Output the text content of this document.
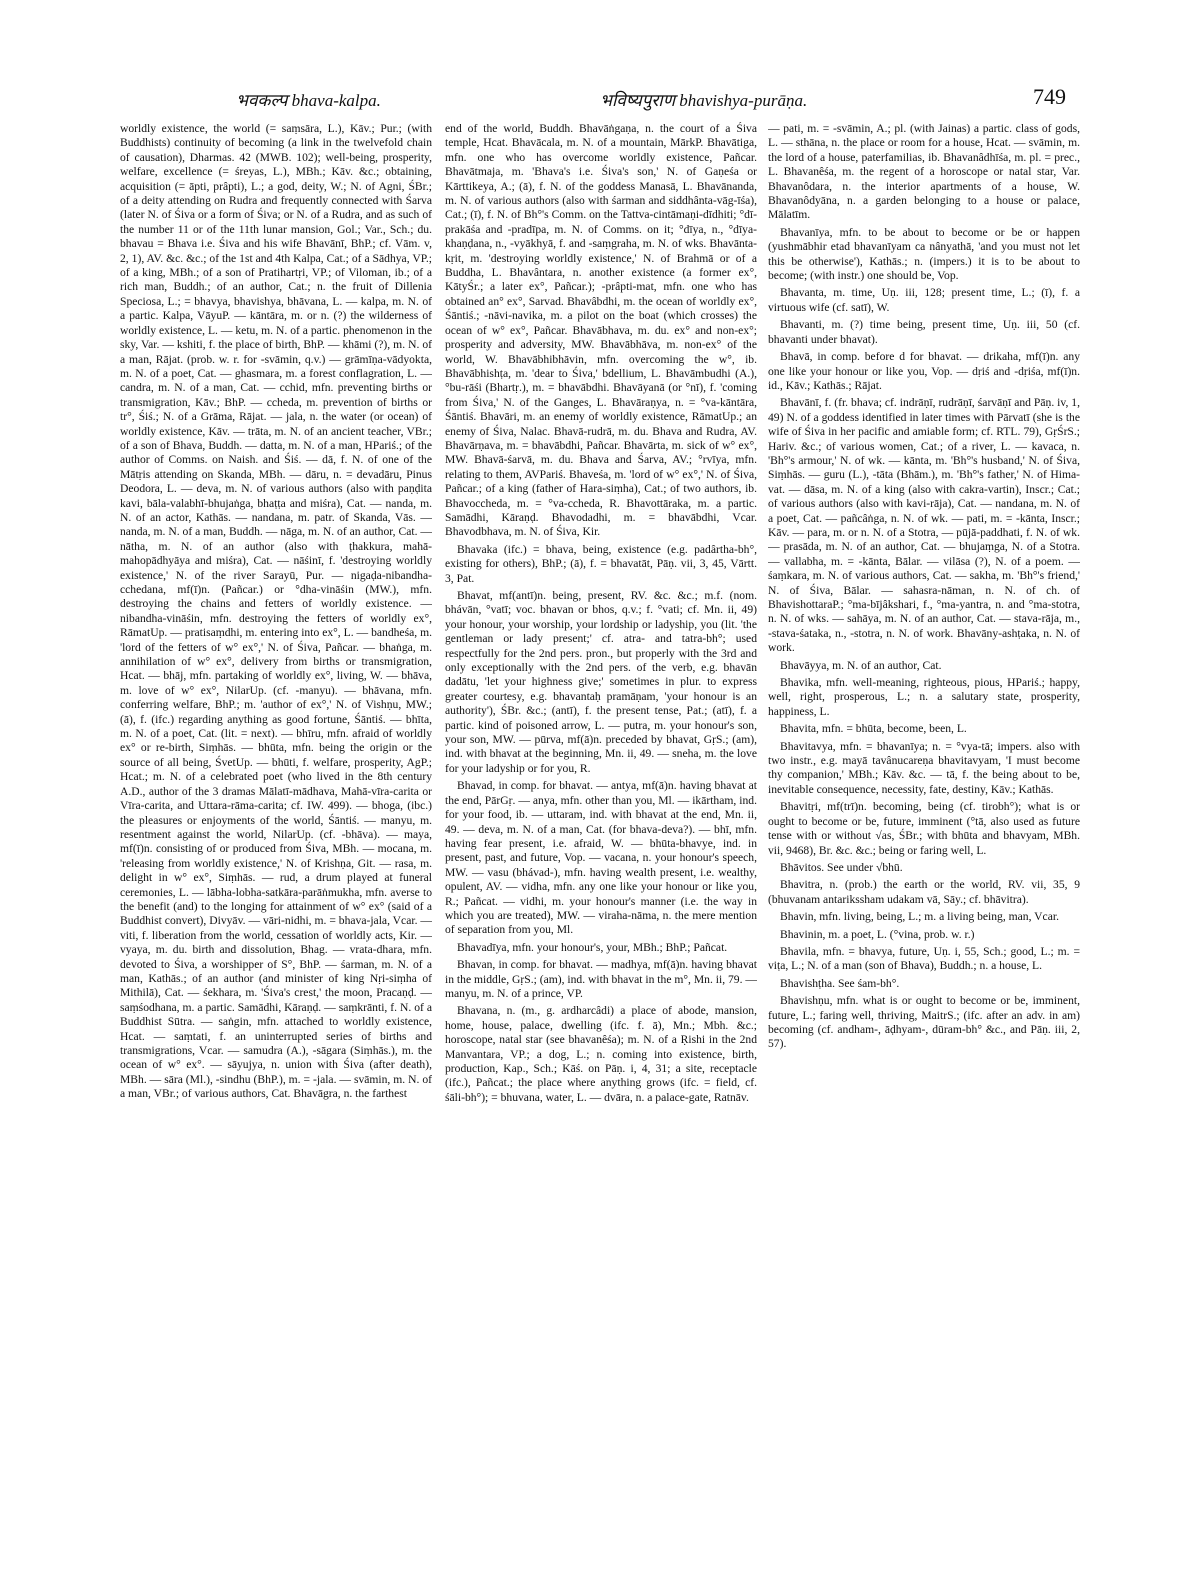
भवकल्प bhava-kalpa.	भविष्यपुराण bhavishya-purāṇa.	749

worldly existence, the world (= saṃsāra, L.), Kāv.; Pur.; (with Buddhists) continuity of becoming (a link in the twelvefold chain of causation), Dharmas. 42 (MWB. 102); well-being, prosperity, welfare, excellence (= śreyas, L.), MBh.; Kāv. &c.; obtaining, acquisition (= āpti, prâpti), L.; a god, deity, W.; N. of Agni, ŚBr.; of a deity attending on Rudra and frequently connected with Śarva (later N. of Śiva or a form of Śiva; or N. of a Rudra, and as such of the number 11 or of the 11th lunar mansion, Gol.; Var., Sch.; du. bhavau = Bhava i.e. Śiva and his wife Bhavānī, BhP.; cf. Vām. v, 2, 1), AV. &c. &c.; of the 1st and 4th Kalpa, Cat.; of a Sādhya, VP.; of a king, MBh.; of a son of Pratihartṛi, VP.; of Viloman, ib.; of a rich man, Buddh.; of an author, Cat.; n. the fruit of Dillenia Speciosa, L.; = bhavya, bhavishya, bhāvana, L. — kalpa, m. N. of a partic. Kalpa, VāyuP. — kāntāra, m. or n. (?) the wilderness of worldly existence, L. — ketu, m. N. of a partic. phenomenon in the sky, Var. — kshiti, f. the place of birth, BhP. — khāmi (?), m. N. of a man, Rājat. (prob. w. r. for -svāmin, q.v.) — grāmīṇa-vādyokta, m. N. of a poet, Cat. — ghasmara, m. a forest conflagration, L. — candra, m. N. of a man, Cat. — cchid, mfn. preventing births or transmigration, Kāv.; BhP. — ccheda, m. prevention of births or tr°, Śiś.; N. of a Grāma, Rājat. — jala, n. the water (or ocean) of worldly existence, Kāv. — trāta, m. N. of an ancient teacher, VBr.; of a son of Bhava, Buddh. — datta, m. N. of a man, HPariś.; of the author of Comms. on Naish. and Śiś. — dā, f. N. of one of the Mātṛis attending on Skanda, MBh. — dāru, n. = devadāru, Pinus Deodora, L. — deva, m. N. of various authors (also with paṇḍita kavi, bāla-valabhī-bhujaṅga, bhaṭṭa and miśra), Cat. — nanda, m. N. of an actor, Kathās. — nandana, m. patr. of Skanda, Vās. — nanda, m. N. of a man, Buddh. — nāga, m. N. of an author, Cat. — nātha, m. N. of an author (also with ṭhakkura, mahā-mahopādhyāya and miśra), Cat. — nāśinī, f. 'destroying worldly existence,' N. of the river Sarayū, Pur. — nigaḍa-nibandha-cchedana, mf(ī)n. (Pañcar.) or °dha-vināśin (MW.), mfn. destroying the chains and fetters of worldly existence. — nibandha-vināśin, mfn. destroying the fetters of worldly ex°, RāmatUp. — pratisaṃdhi, m. entering into ex°, L. — bandheśa, m. 'lord of the fetters of w° ex°,' N. of Śiva, Pañcar. — bhaṅga, m. annihilation of w° ex°, delivery from births or transmigration, Hcat. — bhāj, mfn. partaking of worldly ex°, living, W. — bhāva, m. love of w° ex°, NilarUp. (cf. -manyu). — bhāvana, mfn. conferring welfare, BhP.; m. 'author of ex°,' N. of Vishṇu, MW.; (ā), f. (ifc.) regarding anything as good fortune, Śāntiś. — bhīta, m. N. of a poet, Cat. (lit. = next). — bhīru, mfn. afraid of worldly ex° or re-birth, Siṃhās. — bhūta, mfn. being the origin or the source of all being, ŚvetUp. — bhūti, f. welfare, prosperity, AgP.; Hcat.; m. N. of a celebrated poet (who lived in the 8th century A.D., author of the 3 dramas Mālatī-mādhava, Mahā-vīra-carita or Vīra-carita, and Uttara-rāma-carita; cf. IW. 499). — bhoga, (ibc.) the pleasures or enjoyments of the world, Śāntiś. — manyu, m. resentment against the world, NilarUp. (cf. -bhāva). — maya, mf(ī)n. consisting of or produced from Śiva, MBh. — mocana, m. 'releasing from worldly existence,' N. of Krishṇa, Git. — rasa, m. delight in w° ex°, Siṃhās. — rud, a drum played at funeral ceremonies, L. — lābha-lobha-satkāra-parāṅmukha, mfn. averse to the benefit (and) to the longing for attainment of w° ex° (said of a Buddhist convert), Divyāv. — vāri-nidhi, m. = bhava-jala, Vcar. — viti, f. liberation from the world, cessation of worldly acts, Kir. — vyaya, m. du. birth and dissolution, Bhag. — vrata-dhara, mfn. devoted to Śiva, a worshipper of S°, BhP. — śarman, m. N. of a man, Kathās.; of an author (and minister of king Nṛi-siṃha of Mithilā), Cat. — śekhara, m. 'Śiva's crest,' the moon, Pracaṇḍ. — saṃśodhana, m. a partic. Samādhi, Kāraṇḍ. — saṃkrānti, f. N. of a Buddhist Sūtra. — saṅgin, mfn. attached to worldly existence, Hcat. — saṃtati, f. an uninterrupted series of births and transmigrations, Vcar. — samudra (A.), -sāgara (Siṃhās.), m. the ocean of w° ex°. — sāyujya, n. union with Śiva (after death), MBh. — sāra (Ml.), -sindhu (BhP.), m. = -jala. — svāmin, m. N. of a man, VBr.; of various authors, Cat. Bhavāgra, n. the farthest

end of the world, Buddh. Bhavāṅgaṇa, n. the court of a Śiva temple, Hcat. Bhavācala, m. N. of a mountain, MārkP. Bhavātiga, mfn. one who has overcome worldly existence, Pañcar. Bhavātmaja, m. 'Bhava's i.e. Śiva's son,' N. of Gaṇeśa or Kārttikeya, A.; (ā), f. N. of the goddess Manasā, L. Bhavānanda, m. N. of various authors (also with śarman and siddhânta-vāg-īśa), Cat.; (ī), f. N. of Bh°'s Comm. on the Tattva-cintāmaṇi-dīdhiti; °dī-prakāśa and -pradīpa, m. N. of Comms. on it; °dīya, n., °dīya-khaṇḍana, n., -vyākhyā, f. and -saṃgraha, m. N. of wks. Bhavānta-kṛit, m. 'destroying worldly existence,' N. of Brahmā or of a Buddha, L. Bhavântara, n. another existence (a former ex°, KātyŚr.; a later ex°, Pañcar.); -prâpti-mat, mfn. one who has obtained an° ex°, Sarvad. Bhavâbdhi, m. the ocean of worldly ex°, Śāntiś.; -nāvi-navika, m. a pilot on the boat (which crosses) the ocean of w° ex°, Pañcar. Bhavābhava, m. du. ex° and non-ex°; prosperity and adversity, MW. Bhavābhāva, m. non-ex° of the world, W. Bhavābhibhāvin, mfn. overcoming the w°, ib. Bhavābhishṭa, m. 'dear to Śiva,' bdellium, L. Bhavāmbudhi (A.), °bu-rāśi (Bhartṛ.), m. = bhavābdhi. Bhavāyanā (or °nī), f. 'coming from Śiva,' N. of the Ganges, L. Bhavāraṇya, n. = °va-kāntāra, Śāntiś. Bhavāri, m. an enemy of worldly existence, RāmatUp.; an enemy of Śiva, Nalac. Bhavā-rudrā, m. du. Bhava and Rudra, AV. Bhavārṇava, m. = bhavābdhi, Pañcar. Bhavārta, m. sick of w° ex°, MW. Bhavā-śarvā, m. du. Bhava and Śarva, AV.; °rvīya, mfn. relating to them, AVPariś. Bhaveśa, m. 'lord of w° ex°,' N. of Śiva, Pañcar.; of a king (father of Hara-siṃha), Cat.; of two authors, ib. Bhavoccheda, m. = °va-ccheda, R. Bhavottāraka, m. a partic. Samādhi, Kāraṇḍ. Bhavodadhi, m. = bhavābdhi, Vcar. Bhavodbhava, m. N. of Śiva, Kir.

Bhavaka (ifc.) = bhava, being, existence (e.g. padârtha-bh°, existing for others), BhP.; (ā), f. = bhavatāt, Pāṇ. vii, 3, 45, Vārtt. 3, Pat.

Bhavat, mf(antī)n. being, present, RV. &c. &c.; m.f. (nom. bhávān, °vatī; voc. bhavan or bhos, q.v.; f. °vati; cf. Mn. ii, 49) your honour, your worship, your lordship or ladyship, you (lit. 'the gentleman or lady present;' cf. atra- and tatra-bh°; used respectfully for the 2nd pers. pron., but properly with the 3rd and only exceptionally with the 2nd pers. of the verb, e.g. bhavān dadātu, 'let your highness give;' sometimes in plur. to express greater courtesy, e.g. bhavantaḥ pramāṇam, 'your honour is an authority'), ŚBr. &c.; (antī), f. the present tense, Pat.; (atī), f. a partic. kind of poisoned arrow, L. — putra, m. your honour's son, your son, MW. — pūrva, mf(ā)n. preceded by bhavat, GṛS.; (am), ind. with bhavat at the beginning, Mn. ii, 49. — sneha, m. the love for your ladyship or for you, R.

Bhavad, in comp. for bhavat. — antya, mf(ā)n. having bhavat at the end, PārGṛ. — anya, mfn. other than you, Ml. — ikārtham, ind. for your food, ib. — uttaram, ind. with bhavat at the end, Mn. ii, 49. — deva, m. N. of a man, Cat. (for bhava-deva?). — bhī, mfn. having fear present, i.e. afraid, W. — bhūta-bhavye, ind. in present, past, and future, Vop. — vacana, n. your honour's speech, MW. — vasu (bhávad-), mfn. having wealth present, i.e. wealthy, opulent, AV. — vidha, mfn. any one like your honour or like you, R.; Pañcat. — vidhi, m. your honour's manner (i.e. the way in which you are treated), MW. — viraha-nāma, n. the mere mention of separation from you, Ml.

Bhavadīya, mfn. your honour's, your, MBh.; BhP.; Pañcat.

Bhavan, in comp. for bhavat. — madhya, mf(ā)n. having bhavat in the middle, GṛS.; (am), ind. with bhavat in the m°, Mn. ii, 79. — manyu, m. N. of a prince, VP.

Bhavana, n. (m., g. ardharcâdi) a place of abode, mansion, home, house, palace, dwelling (ifc. f. ā), Mn.; Mbh. &c.; horoscope, natal star (see bhavanêśa); m. N. of a Ṛishi in the 2nd Manvantara, VP.; a dog, L.; n. coming into existence, birth, production, Kap., Sch.; Kāś. on Pāṇ. i, 4, 31; a site, receptacle (ifc.), Pañcat.; the place where anything grows (ifc. = field, cf. śāli-bh°); = bhuvana, water, L. — dvāra, n. a palace-gate, Ratnāv.

— pati, m. = -svāmin, A.; pl. (with Jainas) a partic. class of gods, L. — sthāna, n. the place or room for a house, Hcat. — svāmin, m. the lord of a house, paterfamilias, ib. Bhavanâdhīśa, m. pl. = prec., L. Bhavanêśa, m. the regent of a horoscope or natal star, Var. Bhavanôdara, n. the interior apartments of a house, W. Bhavanôdyāna, n. a garden belonging to a house or palace, Mālatīm.

Bhavanīya, mfn. to be about to become or be or happen (yushmābhir etad bhavanīyam ca nânyathā, 'and you must not let this be otherwise'), Kathās.; n. (impers.) it is to be about to become; (with instr.) one should be, Vop.

Bhavanta, m. time, Uṇ. iii, 128; present time, L.; (ī), f. a virtuous wife (cf. satī), W.

Bhavanti, m. (?) time being, present time, Uṇ. iii, 50 (cf. bhavanti under bhavat).

Bhavā, in comp. before d for bhavat. — drikaha, mf(ī)n. any one like your honour or like you, Vop. — dṛiś and -dṛiśa, mf(ī)n. id., Kāv.; Kathās.; Rājat.

Bhavānī, f. (fr. bhava; cf. indrāṇī, rudrāṇī, śarvāṇī and Pāṇ. iv, 1, 49) N. of a goddess identified in later times with Pārvatī (she is the wife of Śiva in her pacific and amiable form; cf. RTL. 79), GṛŚrS.; Hariv. &c.; of various women, Cat.; of a river, L. — kavaca, n. 'Bh°'s armour,' N. of wk. — kānta, m. 'Bh°'s husband,' N. of Śiva, Siṃhās. — guru (L.), -tāta (Bhām.), m. 'Bh°'s father,' N. of Hima-vat. — dāsa, m. N. of a king (also with cakra-vartin), Inscr.; Cat.; of various authors (also with kavi-rāja), Cat. — nandana, m. N. of a poet, Cat. — pañcâṅga, n. N. of wk. — pati, m. = -kānta, Inscr.; Kāv. — para, m. or n. N. of a Stotra, — pūjā-paddhati, f. N. of wk. — prasāda, m. N. of an author, Cat. — bhujaṃga, N. of a Stotra. — vallabha, m. = -kānta, Bālar. — vilāsa (?), N. of a poem. — śaṃkara, m. N. of various authors, Cat. — sakha, m. 'Bh°'s friend,' N. of Śiva, Bālar. — sahasra-nāman, n. N. of ch. of BhavishottaraP.; °ma-bījâkshari, f., °ma-yantra, n. and °ma-stotra, n. N. of wks. — sahāya, m. N. of an author, Cat. — stava-rāja, m., -stava-śataka, n., -stotra, n. N. of work. Bhavāny-ashṭaka, n. N. of work.

Bhavāyya, m. N. of an author, Cat.

Bhavika, mfn. well-meaning, righteous, pious, HPariś.; happy, well, right, prosperous, L.; n. a salutary state, prosperity, happiness, L.

Bhavita, mfn. = bhūta, become, been, L.

Bhavitavya, mfn. = bhavanīya; n. = °vya-tā; impers. also with two instr., e.g. mayā tavânucareṇa bhavitavyam, 'I must become thy companion,' MBh.; Kāv. &c. — tā, f. the being about to be, inevitable consequence, necessity, fate, destiny, Kāv.; Kathās.

Bhavitṛi, mf(trī)n. becoming, being (cf. tirobh°); what is or ought to become or be, future, imminent (°tā, also used as future tense with or without √as, ŚBr.; with bhūta and bhavyam, MBh. vii, 9468), Br. &c. &c.; being or faring well, L.

Bhāvitos. See under √bhū.

Bhavitra, n. (prob.) the earth or the world, RV. vii, 35, 9 (bhuvanam antarikssham udakam vā, Sāy.; cf. bhāvitra).

Bhavin, mfn. living, being, L.; m. a living being, man, Vcar.

Bhavinin, m. a poet, L. (°vina, prob. w. r.)

Bhavila, mfn. = bhavya, future, Uṇ. i, 55, Sch.; good, L.; m. = viṭa, L.; N. of a man (son of Bhava), Buddh.; n. a house, L.

Bhavishṭha. See śam-bh°.

Bhavishṇu, mfn. what is or ought to become or be, imminent, future, L.; faring well, thriving, MaitrS.; (ifc. after an adv. in am) becoming (cf. andham-, āḍhyam-, dūram-bh° &c., and Pāṇ. iii, 2, 57).
